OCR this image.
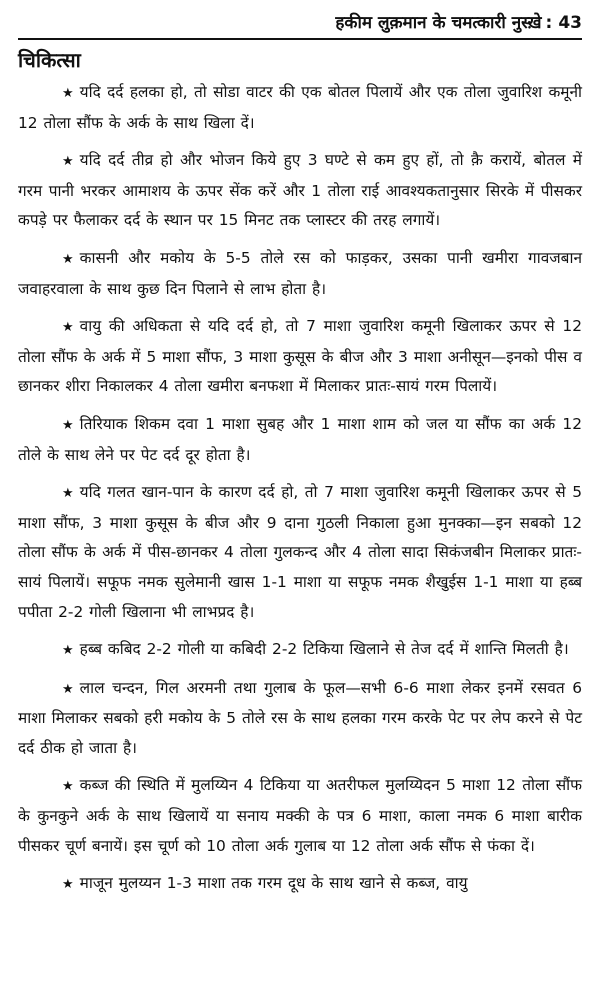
हकीम लुक़मान के चमत्कारी नुस्ख़े : 43
चिकित्सा

★ यदि दर्द हलका हो, तो सोडा वाटर की एक बोतल पिलायें और एक तोला जुवारिश कमूनी 12 तोला सौंफ के अर्क के साथ खिला दें।

★ यदि दर्द तीव्र हो और भोजन किये हुए 3 घण्टे से कम हुए हों, तो क़ै करायें, बोतल में गरम पानी भरकर आमाशय के ऊपर सेंक करें और 1 तोला राई आवश्यकतानुसार सिरके में पीसकर कपड़े पर फैलाकर दर्द के स्थान पर 15 मिनट तक प्लास्टर की तरह लगायें।

★ कासनी और मकोय के 5-5 तोले रस को फाड़कर, उसका पानी खमीरा गावजबान जवाहरवाला के साथ कुछ दिन पिलाने से लाभ होता है।

★ वायु की अधिकता से यदि दर्द हो, तो 7 माशा जुवारिश कमूनी खिलाकर ऊपर से 12 तोला सौंफ के अर्क में 5 माशा सौंफ, 3 माशा कुसूस के बीज और 3 माशा अनीसून—इनको पीस व छानकर शीरा निकालकर 4 तोला खमीरा बनफशा में मिलाकर प्रातः-सायं गरम पिलायें।

★ तिरियाक शिकम दवा 1 माशा सुबह और 1 माशा शाम को जल या सौंफ का अर्क 12 तोले के साथ लेने पर पेट दर्द दूर होता है।

★ यदि गलत खान-पान के कारण दर्द हो, तो 7 माशा जुवारिश कमूनी खिलाकर ऊपर से 5 माशा सौंफ, 3 माशा कुसूस के बीज और 9 दाना गुठली निकाला हुआ मुनक्का—इन सबको 12 तोला सौंफ के अर्क में पीस-छानकर 4 तोला गुलकन्द और 4 तोला सादा सिकंजबीन मिलाकर प्रातः-सायं पिलायें। सफूफ नमक सुलेमानी खास 1-1 माशा या सफूफ नमक शैखुईस 1-1 माशा या हब्ब पपीता 2-2 गोली खिलाना भी लाभप्रद है।

★ हब्ब कबिद 2-2 गोली या कबिदी 2-2 टिकिया खिलाने से तेज दर्द में शान्ति मिलती है।

★ लाल चन्दन, गिल अरमनी तथा गुलाब के फूल—सभी 6-6 माशा लेकर इनमें रसवत 6 माशा मिलाकर सबको हरी मकोय के 5 तोले रस के साथ हलका गरम करके पेट पर लेप करने से पेट दर्द ठीक हो जाता है।

★ कब्ज की स्थिति में मुलय्यिन 4 टिकिया या अतरीफल मुलय्यिदन 5 माशा 12 तोला सौंफ के कुनकुने अर्क के साथ खिलायें या सनाय मक्की के पत्र 6 माशा, काला नमक 6 माशा बारीक पीसकर चूर्ण बनायें। इस चूर्ण को 10 तोला अर्क गुलाब या 12 तोला अर्क सौंफ से फंका दें।

★ माजून मुलय्यन 1-3 माशा तक गरम दूध के साथ खाने से कब्ज, वायु
